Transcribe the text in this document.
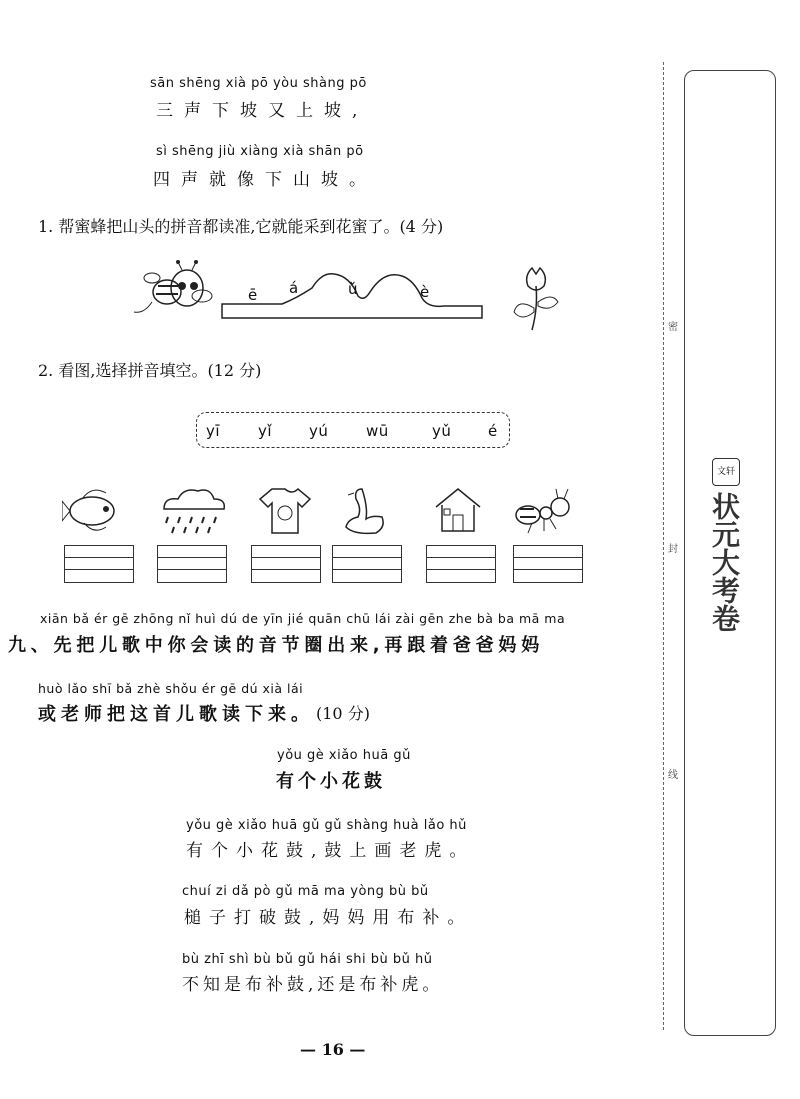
sān shēng xià pō yòu shàng pō
三声下坡又上坡,
sì shēng jiù xiàng xià shān pō
四声就像下山坡。
1. 帮蜜蜂把山头的拼音都读准,它就能采到花蜜了。(4 分)
ē á	ǔ	è
2. 看图,选择拼音填空。(12 分)
yī	yǐ yú	wū	yǔ é
xiān bǎ ér gē zhōng nǐ huì dú de yīn jié quān chū lái zài gēn zhe bà ba mā ma
九、先把儿歌中你会读的音节圈出来,再跟着爸爸妈妈
huò lǎo shī bǎ zhè shǒu ér gē dú xià lái
或老师把这首儿歌读下来。 (10 分)
yǒu gè xiǎo huā gǔ
有个小花鼓
yǒu gè xiǎo huā gǔ gǔ shàng huà lǎo hǔ
有个小花鼓,鼓上画老虎。
chuí zi dǎ pò gǔ mā ma yòng bù bǔ
槌子打破鼓,妈妈用布补。
bù zhī shì bù bǔ gǔ hái shi bù bǔ hǔ
不知是布补鼓,还是布补虎。
— 16 —
密
封
线
文轩
状元大考卷
